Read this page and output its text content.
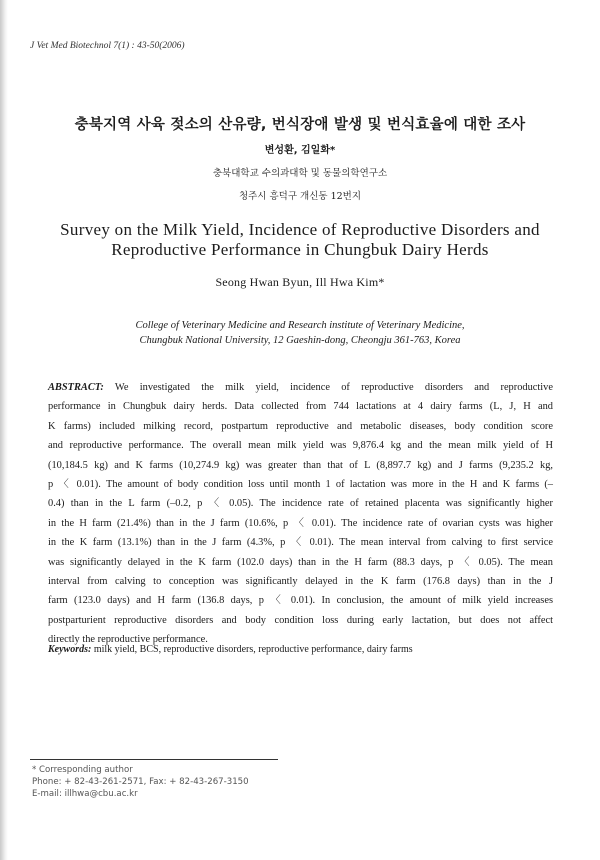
J Vet Med Biotechnol 7(1) : 43-50(2006)
충북지역 사육 젖소의 산유량, 번식장애 발생 및 번식효율에 대한 조사
변성환, 김일화*
충북대학교 수의과대학 및 동물의학연구소
청주시 흥덕구 개신동 12번지
Survey on the Milk Yield, Incidence of Reproductive Disorders and
Reproductive Performance in Chungbuk Dairy Herds
Seong Hwan Byun, Ill Hwa Kim*
College of Veterinary Medicine and Research institute of Veterinary Medicine,
Chungbuk National University, 12 Gaeshin-dong, Cheongju 361-763, Korea
ABSTRACT: We investigated the milk yield, incidence of reproductive disorders and reproductive
performance in Chungbuk dairy herds. Data collected from 744 lactations at 4 dairy farms (L, J, H and
K farms) included milking record, postpartum reproductive and metabolic diseases, body condition score
and reproductive performance. The overall mean milk yield was 9,876.4 kg and the mean milk yield of H
(10,184.5 kg) and K farms (10,274.9 kg) was greater than that of L (8,897.7 kg) and J farms (9,235.2 kg,
p 〈 0.01). The amount of body condition loss until month 1 of lactation was more in the H and K farms (–
0.4) than in the L farm (–0.2, p 〈 0.05). The incidence rate of retained placenta was significantly higher
in the H farm (21.4%) than in the J farm (10.6%, p 〈 0.01). The incidence rate of ovarian cysts was higher
in the K farm (13.1%) than in the J farm (4.3%, p 〈 0.01). The mean interval from calving to first service
was significantly delayed in the K farm (102.0 days) than in the H farm (88.3 days, p 〈 0.05). The mean
interval from calving to conception was significantly delayed in the K farm (176.8 days) than in the J
farm (123.0 days) and H farm (136.8 days, p 〈 0.01). In conclusion, the amount of milk yield increases
postparturient reproductive disorders and body condition loss during early lactation, but does not affect
directly the reproductive performance.
Keywords: milk yield, BCS, reproductive disorders, reproductive performance, dairy farms
* Corresponding author
Phone: + 82-43-261-2571, Fax: + 82-43-267-3150
E-mail: illhwa@cbu.ac.kr
